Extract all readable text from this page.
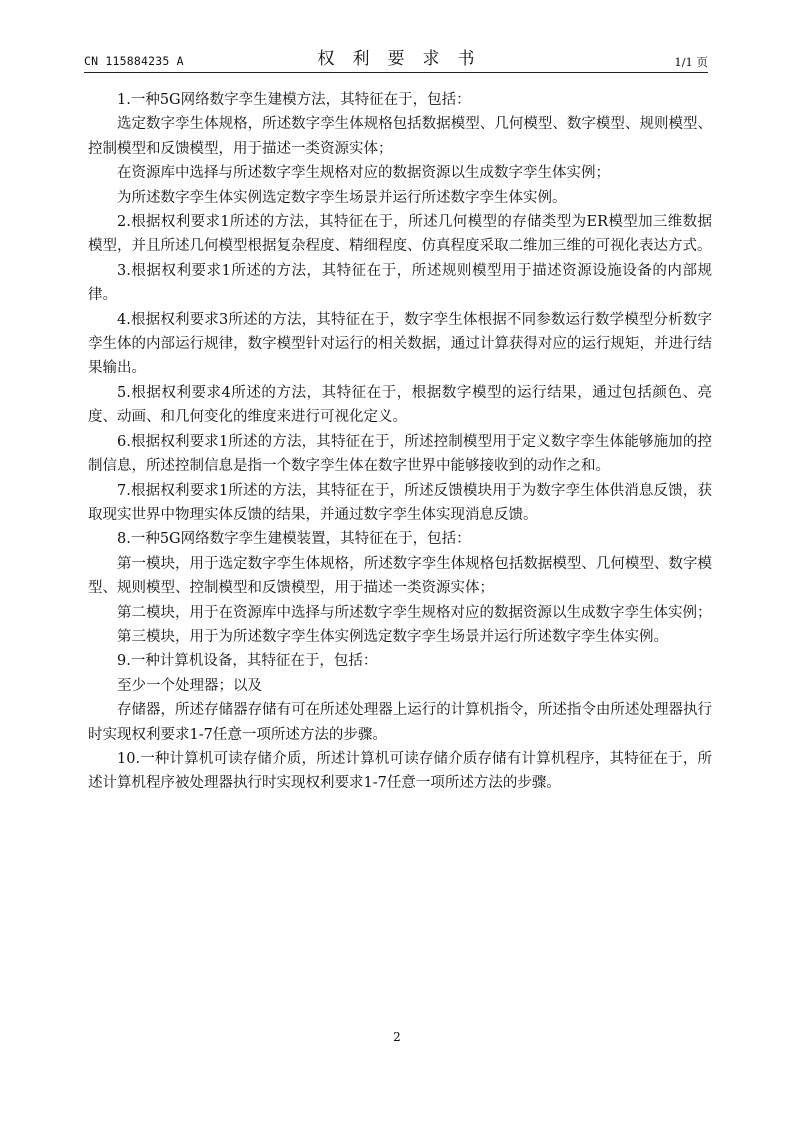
CN 115884235 A	权利要求书	1/1 页

1.一种5G网络数字孪生建模方法，其特征在于，包括：

选定数字孪生体规格，所述数字孪生体规格包括数据模型、几何模型、数字模型、规则模型、控制模型和反馈模型，用于描述一类资源实体；

在资源库中选择与所述数字孪生规格对应的数据资源以生成数字孪生体实例；

为所述数字孪生体实例选定数字孪生场景并运行所述数字孪生体实例。

2.根据权利要求1所述的方法，其特征在于，所述几何模型的存储类型为ER模型加三维数据模型，并且所述几何模型根据复杂程度、精细程度、仿真程度采取二维加三维的可视化表达方式。

3.根据权利要求1所述的方法，其特征在于，所述规则模型用于描述资源设施设备的内部规律。

4.根据权利要求3所述的方法，其特征在于，数字孪生体根据不同参数运行数学模型分析数字孪生体的内部运行规律，数字模型针对运行的相关数据，通过计算获得对应的运行规矩，并进行结果输出。

5.根据权利要求4所述的方法，其特征在于，根据数字模型的运行结果，通过包括颜色、亮度、动画、和几何变化的维度来进行可视化定义。

6.根据权利要求1所述的方法，其特征在于，所述控制模型用于定义数字孪生体能够施加的控制信息，所述控制信息是指一个数字孪生体在数字世界中能够接收到的动作之和。

7.根据权利要求1所述的方法，其特征在于，所述反馈模块用于为数字孪生体供消息反馈，获取现实世界中物理实体反馈的结果，并通过数字孪生体实现消息反馈。

8.一种5G网络数字孪生建模装置，其特征在于，包括：

第一模块，用于选定数字孪生体规格，所述数字孪生体规格包括数据模型、几何模型、数字模型、规则模型、控制模型和反馈模型，用于描述一类资源实体；

第二模块，用于在资源库中选择与所述数字孪生规格对应的数据资源以生成数字孪生体实例；

第三模块，用于为所述数字孪生体实例选定数字孪生场景并运行所述数字孪生体实例。

9.一种计算机设备，其特征在于，包括：

至少一个处理器；以及

存储器，所述存储器存储有可在所述处理器上运行的计算机指令，所述指令由所述处理器执行时实现权利要求1-7任意一项所述方法的步骤。

10.一种计算机可读存储介质，所述计算机可读存储介质存储有计算机程序，其特征在于，所述计算机程序被处理器执行时实现权利要求1-7任意一项所述方法的步骤。

2
